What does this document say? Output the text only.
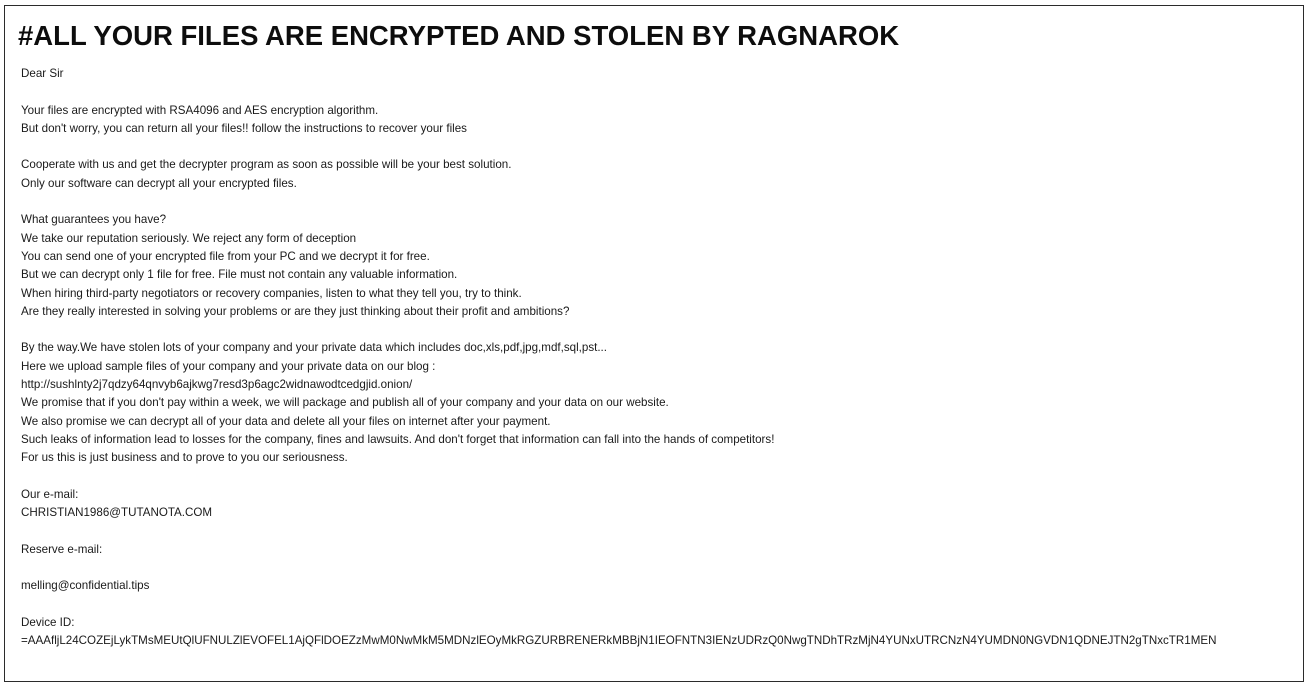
#ALL YOUR FILES ARE ENCRYPTED AND STOLEN BY RAGNAROK
Dear Sir
Your files are encrypted with RSA4096 and AES encryption algorithm.
But don't worry, you can return all your files!! follow the instructions to recover your files
Cooperate with us and get the decrypter program as soon as possible will be your best solution.
Only our software can decrypt all your encrypted files.
What guarantees you have?
We take our reputation seriously. We reject any form of deception
You can send one of your encrypted file from your PC and we decrypt it for free.
But we can decrypt only 1 file for free. File must not contain any valuable information.
When hiring third-party negotiators or recovery companies, listen to what they tell you, try to think.
Are they really interested in solving your problems or are they just thinking about their profit and ambitions?
By the way.We have stolen lots of your company and your private data which includes doc,xls,pdf,jpg,mdf,sql,pst...
Here we upload sample files of your company and your private data on our blog :
http://sushlnty2j7qdzy64qnvyb6ajkwg7resd3p6agc2widnawodtcedgjid.onion/
We promise that if you don't pay within a week, we will package and publish all of your company and your data on our website.
We also promise we can decrypt all of your data and delete all your files on internet after your payment.
Such leaks of information lead to losses for the company, fines and lawsuits. And don't forget that information can fall into the hands of competitors!
For us this is just business and to prove to you our seriousness.
Our e-mail:
CHRISTIAN1986@TUTANOTA.COM
Reserve e-mail:
melling@confidential.tips
Device ID:
=AAAfljL24COZEjLykTMsMEUtQlUFNULZlEVOFEL1AjQFlDOEZzMwM0NwMkM5MDNzlEOyMkRGZURBRENERkMBBjN1IEOFNTN3IENzUDRzQ0NwgTNDhTRzMjN4YUNxUTRCNzN4YUMDN0NGVDN1QDNEJTN2gTNxcTR1MEN
